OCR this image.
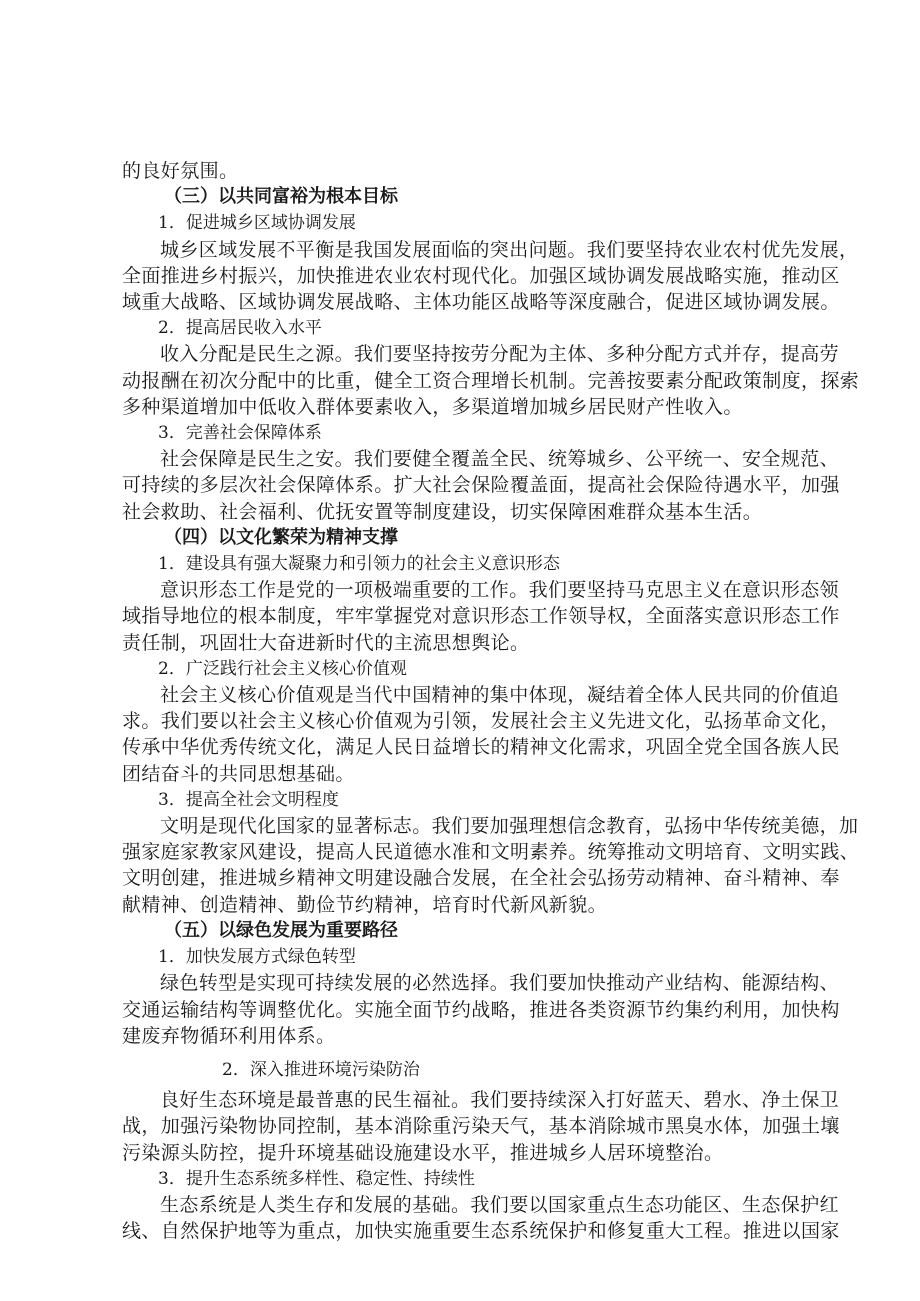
的良好氛围。
（三）以共同富裕为根本目标
1．促进城乡区域协调发展
城乡区域发展不平衡是我国发展面临的突出问题。我们要坚持农业农村优先发展，
全面推进乡村振兴，加快推进农业农村现代化。加强区域协调发展战略实施，推动区
域重大战略、区域协调发展战略、主体功能区战略等深度融合，促进区域协调发展。
2．提高居民收入水平
收入分配是民生之源。我们要坚持按劳分配为主体、多种分配方式并存，提高劳
动报酬在初次分配中的比重，健全工资合理增长机制。完善按要素分配政策制度，探索
多种渠道增加中低收入群体要素收入，多渠道增加城乡居民财产性收入。
3．完善社会保障体系
社会保障是民生之安。我们要健全覆盖全民、统筹城乡、公平统一、安全规范、
可持续的多层次社会保障体系。扩大社会保险覆盖面，提高社会保险待遇水平，加强
社会救助、社会福利、优抚安置等制度建设，切实保障困难群众基本生活。
（四）以文化繁荣为精神支撑
1．建设具有强大凝聚力和引领力的社会主义意识形态
意识形态工作是党的一项极端重要的工作。我们要坚持马克思主义在意识形态领
域指导地位的根本制度，牢牢掌握党对意识形态工作领导权，全面落实意识形态工作
责任制，巩固壮大奋进新时代的主流思想舆论。
2．广泛践行社会主义核心价值观
社会主义核心价值观是当代中国精神的集中体现，凝结着全体人民共同的价值追
求。我们要以社会主义核心价值观为引领，发展社会主义先进文化，弘扬革命文化，
传承中华优秀传统文化，满足人民日益增长的精神文化需求，巩固全党全国各族人民
团结奋斗的共同思想基础。
3．提高全社会文明程度
文明是现代化国家的显著标志。我们要加强理想信念教育，弘扬中华传统美德，加
强家庭家教家风建设，提高人民道德水准和文明素养。统筹推动文明培育、文明实践、
文明创建，推进城乡精神文明建设融合发展，在全社会弘扬劳动精神、奋斗精神、奉
献精神、创造精神、勤俭节约精神，培育时代新风新貌。
（五）以绿色发展为重要路径
1．加快发展方式绿色转型
绿色转型是实现可持续发展的必然选择。我们要加快推动产业结构、能源结构、
交通运输结构等调整优化。实施全面节约战略，推进各类资源节约集约利用，加快构
建废弃物循环利用体系。
2．深入推进环境污染防治
良好生态环境是最普惠的民生福祉。我们要持续深入打好蓝天、碧水、净土保卫
战，加强污染物协同控制，基本消除重污染天气，基本消除城市黑臭水体，加强土壤
污染源头防控，提升环境基础设施建设水平，推进城乡人居环境整治。
3．提升生态系统多样性、稳定性、持续性
生态系统是人类生存和发展的基础。我们要以国家重点生态功能区、生态保护红
线、自然保护地等为重点，加快实施重要生态系统保护和修复重大工程。推进以国家
